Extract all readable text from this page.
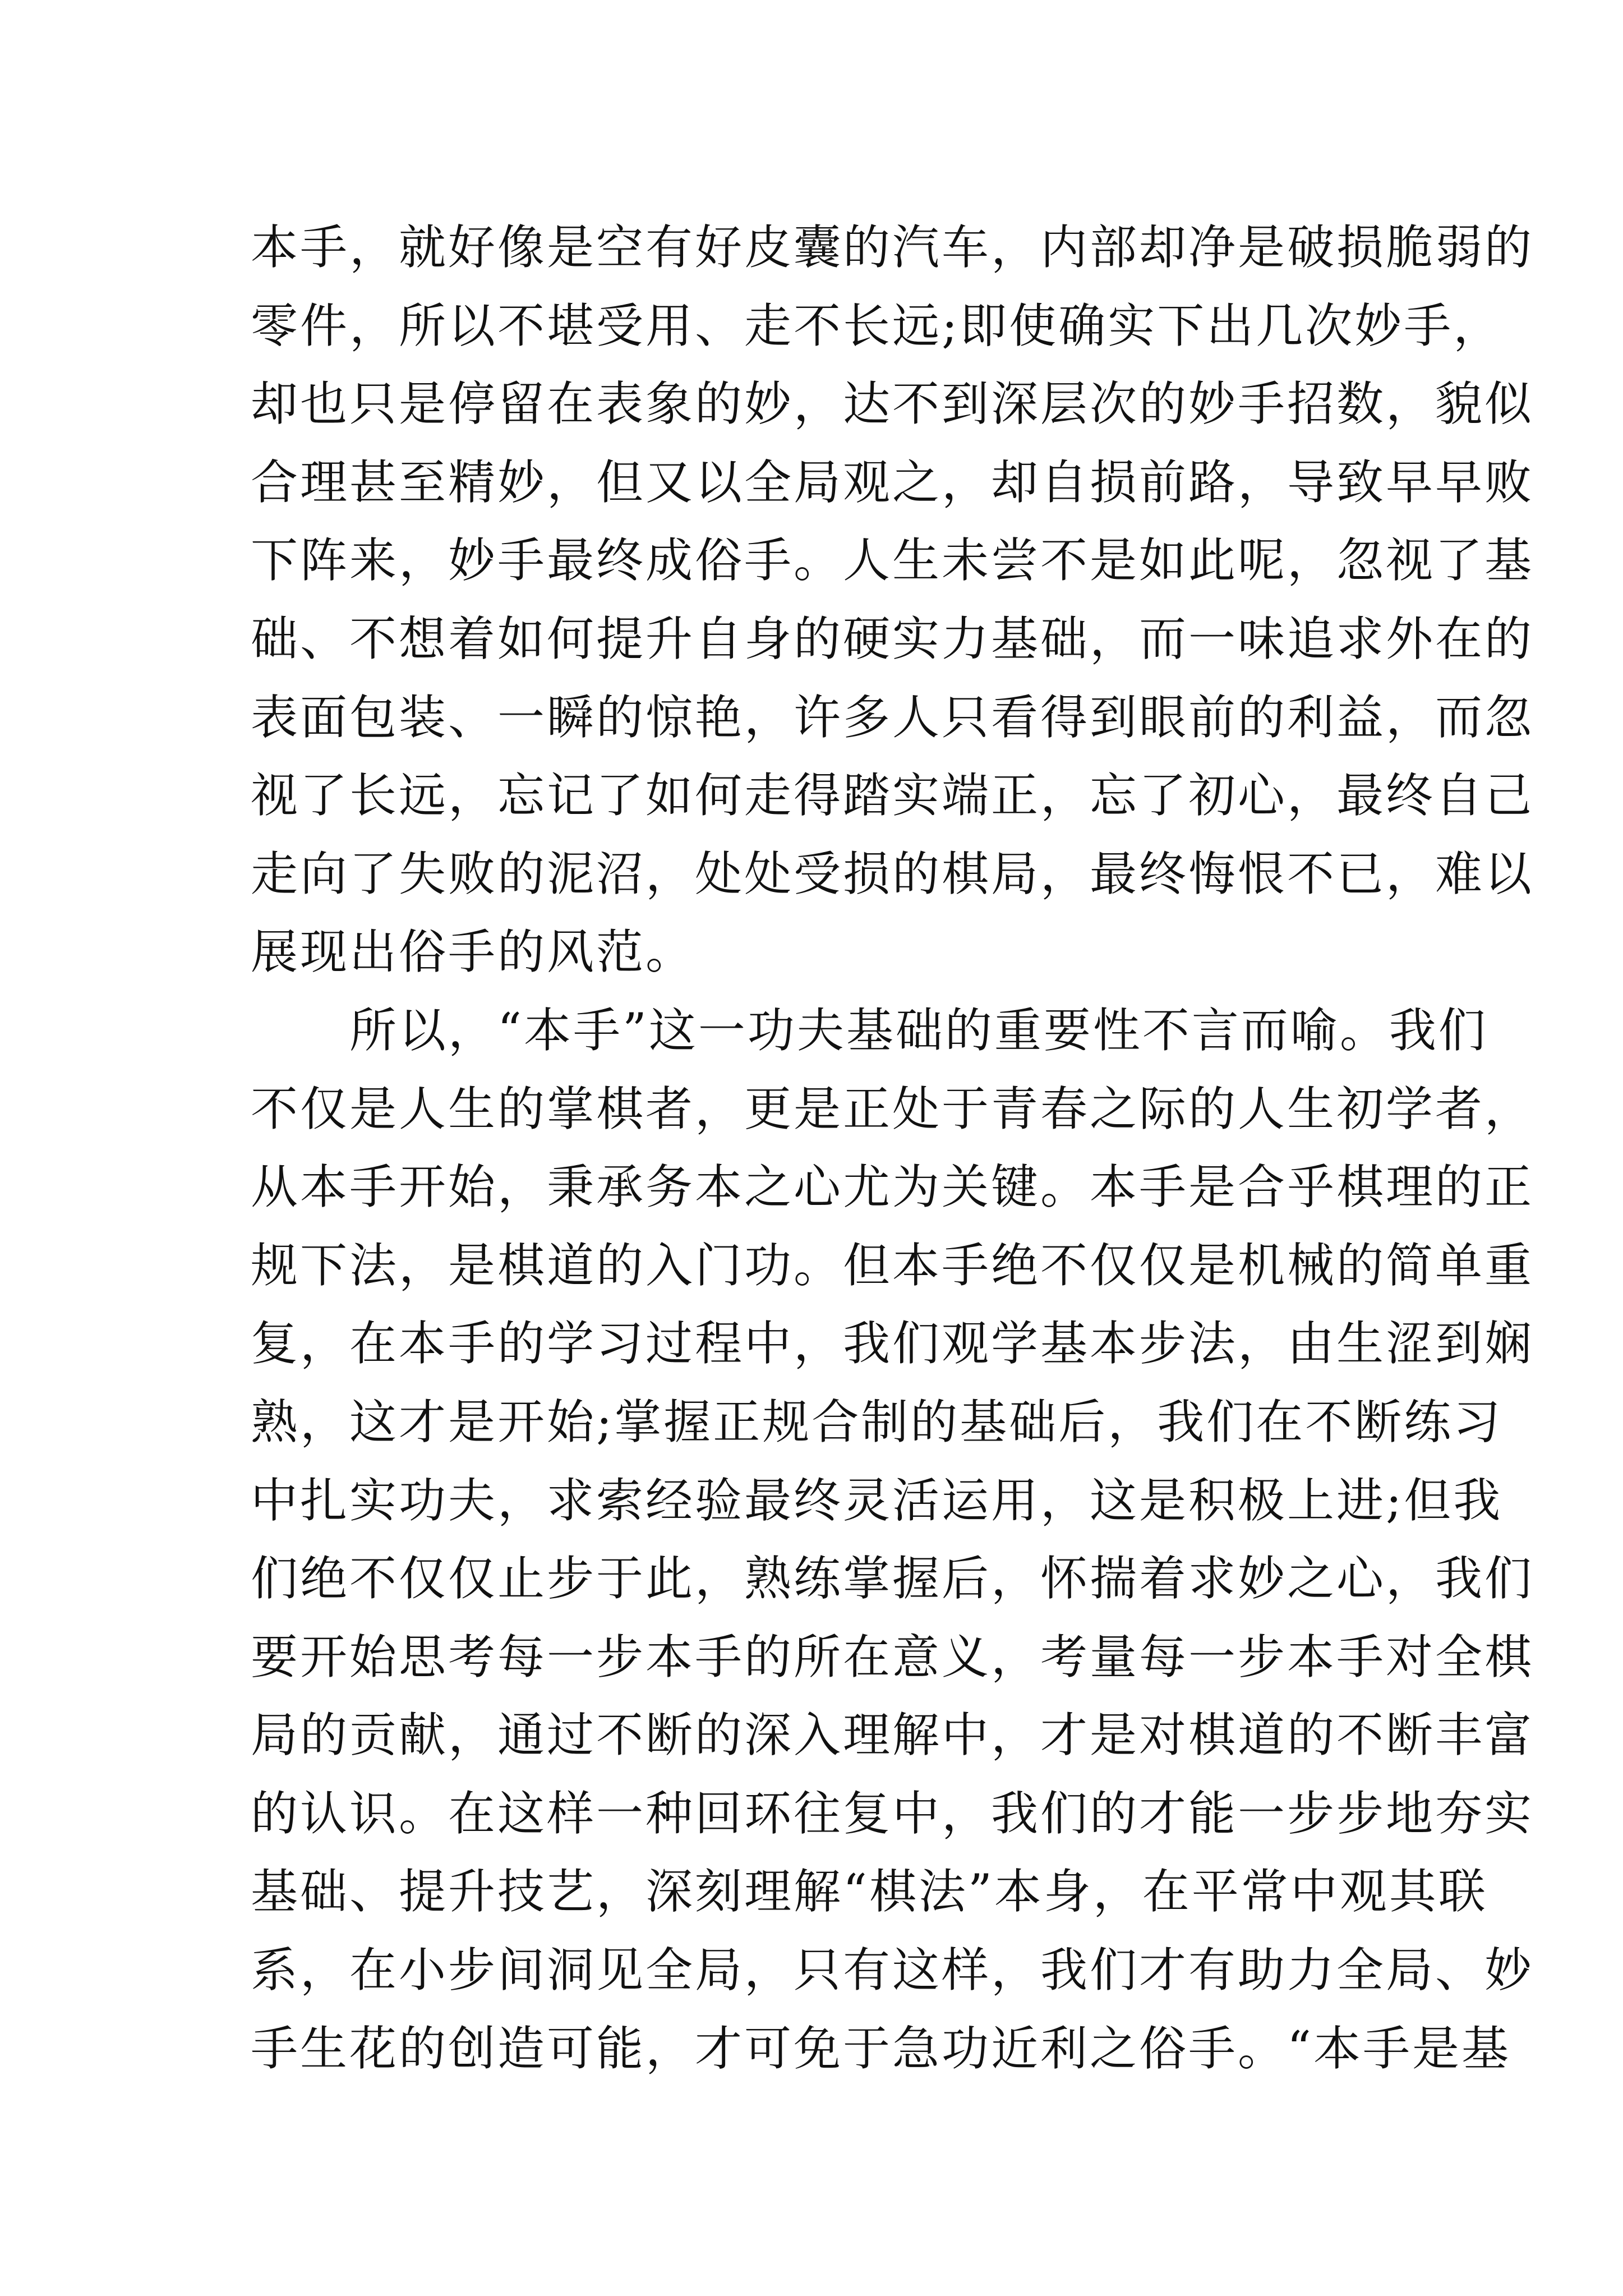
本手，就好像是空有好皮囊的汽车，内部却净是破损脆弱的
零件，所以不堪受用、走不长远;即使确实下出几次妙手，
却也只是停留在表象的妙，达不到深层次的妙手招数，貌似
合理甚至精妙，但又以全局观之，却自损前路，导致早早败
下阵来，妙手最终成俗手。人生未尝不是如此呢，忽视了基
础、不想着如何提升自身的硬实力基础，而一味追求外在的
表面包装、一瞬的惊艳，许多人只看得到眼前的利益，而忽
视了长远，忘记了如何走得踏实端正，忘了初心，最终自己
走向了失败的泥沼，处处受损的棋局，最终悔恨不已，难以
展现出俗手的风范。
　　所以，“本手”这一功夫基础的重要性不言而喻。我们
不仅是人生的掌棋者，更是正处于青春之际的人生初学者，
从本手开始，秉承务本之心尤为关键。本手是合乎棋理的正
规下法，是棋道的入门功。但本手绝不仅仅是机械的简单重
复，在本手的学习过程中，我们观学基本步法，由生涩到娴
熟，这才是开始;掌握正规合制的基础后，我们在不断练习
中扎实功夫，求索经验最终灵活运用，这是积极上进;但我
们绝不仅仅止步于此，熟练掌握后，怀揣着求妙之心，我们
要开始思考每一步本手的所在意义，考量每一步本手对全棋
局的贡献，通过不断的深入理解中，才是对棋道的不断丰富
的认识。在这样一种回环往复中，我们的才能一步步地夯实
基础、提升技艺，深刻理解“棋法”本身，在平常中观其联
系，在小步间洞见全局，只有这样，我们才有助力全局、妙
手生花的创造可能，才可免于急功近利之俗手。“本手是基
